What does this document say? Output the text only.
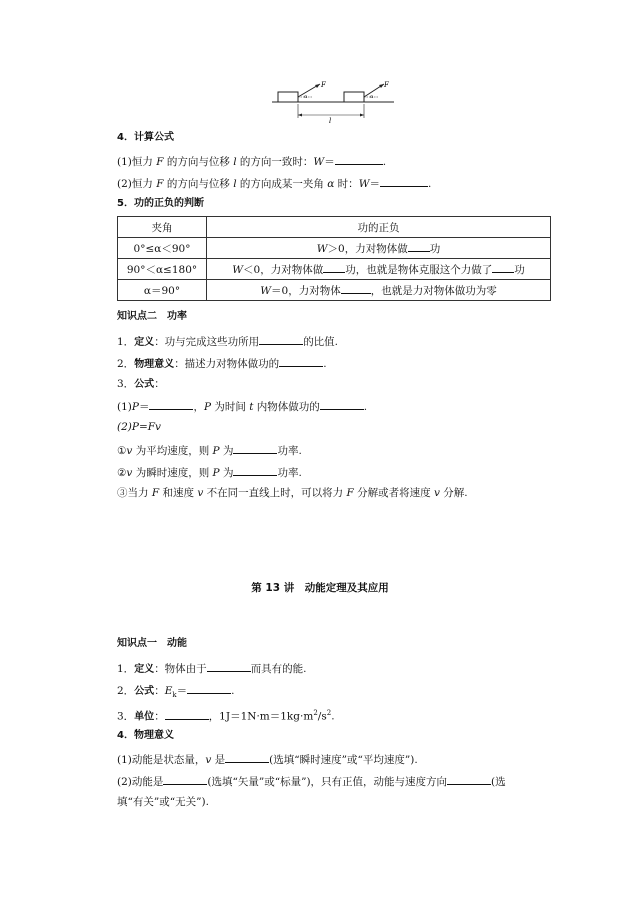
F
α
F
α
l
4．计算公式
(1)恒力 F 的方向与位移 l 的方向一致时：W＝	.
(2)恒力 F 的方向与位移 l 的方向成某一夹角 α 时：W＝	.
5．功的正负的判断
夹角	功的正负
0°≤α＜90°	W＞0，力对物体做 功
90°＜α≤180°	W＜0，力对物体做 功，也就是物体克服这个力做了 功
α＝90°	W＝0，力对物体 ，也就是力对物体做功为零
知识点二　功率
1．定义：功与完成这些功所用	的比值.
2．物理意义：描述力对物体做功的	.
3．公式：
(1)P＝	，P 为时间 t 内物体做功的	.
(2)P=Fv
①v 为平均速度，则 P 为	功率.
②v 为瞬时速度，则 P 为	功率.
③当力 F 和速度 v 不在同一直线上时，可以将力 F 分解或者将速度 v 分解.
第 13 讲　动能定理及其应用
知识点一　动能
1．定义：物体由于	而具有的能.
2．公式：$E_k=$	.
3．单位：	，$1J=1N\cdot m=1kg\cdot m^2/s^2$.
4．物理意义
(1)动能是状态量，v 是	(选填“瞬时速度”或“平均速度”).
(2)动能是	(选填“矢量”或“标量”)，只有正值，动能与速度方向	(选
填“有关”或“无关”).
